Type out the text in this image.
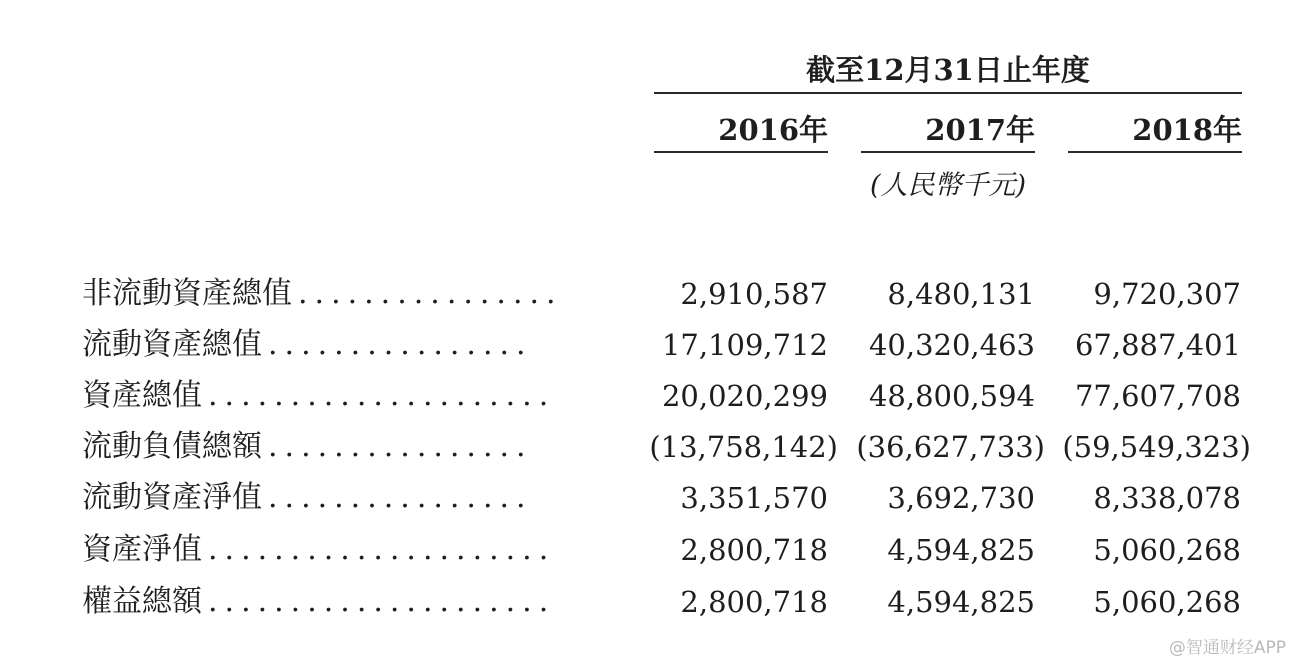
截至12月31日止年度
2016年	2017年	2018年
(人民幣千元)
非流動資產總值 ................	2,910,587	8,480,131	9,720,307
流動資產總值 ................	17,109,712	40,320,463	67,887,401
資產總值 .....................	20,020,299	48,800,594	77,607,708
流動負債總額 ................	(13,758,142) (36,627,733) (59,549,323)
流動資產淨值 ................	3,351,570	3,692,730	8,338,078
資產淨值 .....................	2,800,718	4,594,825	5,060,268
權益總額 .....................	2,800,718	4,594,825	5,060,268
@智通财经APP
